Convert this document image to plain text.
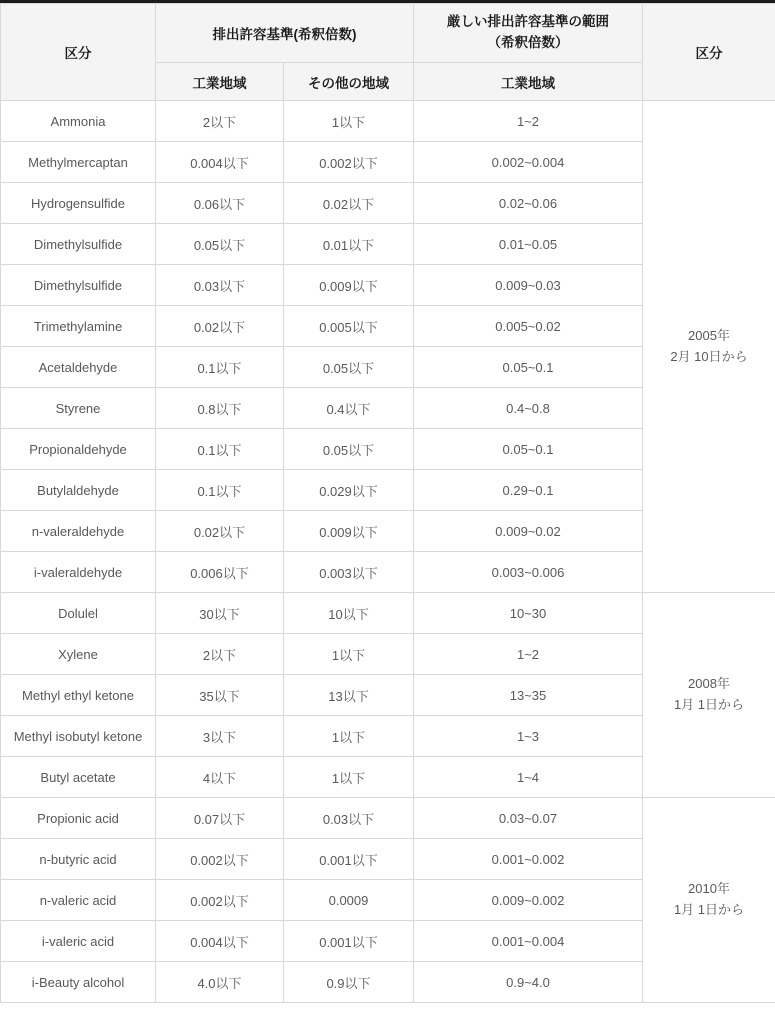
区分	排出許容基準(希釈倍数)		厳しい排出許容基準の範囲
（希釈倍数）	区分
	工業地域	その他の地域	工業地域	
Ammonia	2以下	1以下	1~2	2005年
2月 10日から

Methylmercaptan	0.004以下	0.002以下	0.002~0.004	
Hydrogensulfide	0.06以下	0.02以下	0.02~0.06	
Dimethylsulfide	0.05以下	0.01以下	0.01~0.05	
Dimethylsulfide	0.03以下	0.009以下	0.009~0.03	
Trimethylamine	0.02以下	0.005以下	0.005~0.02	
Acetaldehyde	0.1以下	0.05以下	0.05~0.1	
Styrene	0.8以下	0.4以下	0.4~0.8	
Propionaldehyde	0.1以下	0.05以下	0.05~0.1	
Butylaldehyde	0.1以下	0.029以下	0.29~0.1	
n-valeraldehyde	0.02以下	0.009以下	0.009~0.02	
i-valeraldehyde	0.006以下	0.003以下	0.003~0.006	
Dolulel	30以下	10以下	10~30	2008年
1月 1日から

Xylene	2以下	1以下	1~2	
Methyl ethyl ketone	35以下	13以下	13~35	
Methyl isobutyl ketone	3以下	1以下	1~3	
Butyl acetate	4以下	1以下	1~4	
Propionic acid	0.07以下	0.03以下	0.03~0.07	2010年
1月 1日から

n-butyric acid	0.002以下	0.001以下	0.001~0.002	
n-valeric acid	0.002以下	0.0009	0.009~0.002	
i-valeric acid	0.004以下	0.001以下	0.001~0.004	
i-Beauty alcohol	4.0以下	0.9以下	0.9~4.0	
